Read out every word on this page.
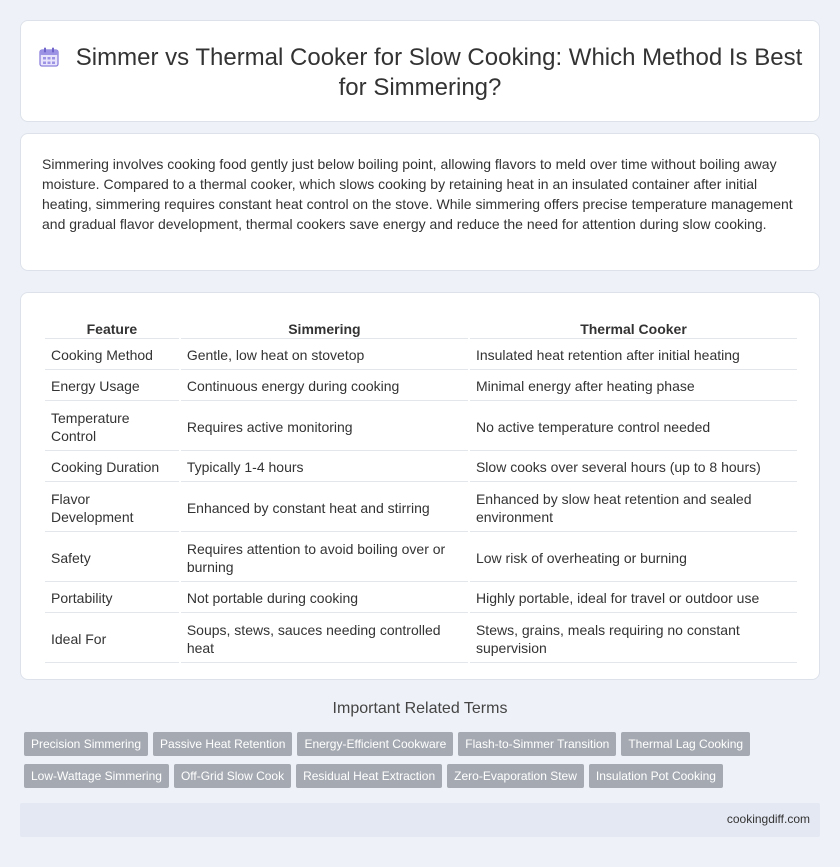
Simmer vs Thermal Cooker for Slow Cooking: Which Method Is Best for Simmering?

Simmering involves cooking food gently just below boiling point, allowing flavors to meld over time without boiling away moisture. Compared to a thermal cooker, which slows cooking by retaining heat in an insulated container after initial heating, simmering requires constant heat control on the stove. While simmering offers precise temperature management and gradual flavor development, thermal cookers save energy and reduce the need for attention during slow cooking.

Feature	Simmering	Thermal Cooker
Cooking Method	Gentle, low heat on stovetop	Insulated heat retention after initial heating
Energy Usage	Continuous energy during cooking	Minimal energy after heating phase
Temperature Control	Requires active monitoring	No active temperature control needed
Cooking Duration	Typically 1-4 hours	Slow cooks over several hours (up to 8 hours)
Flavor Development	Enhanced by constant heat and stirring	Enhanced by slow heat retention and sealed environment
Safety	Requires attention to avoid boiling over or burning	Low risk of overheating or burning
Portability	Not portable during cooking	Highly portable, ideal for travel or outdoor use
Ideal For	Soups, stews, sauces needing controlled heat	Stews, grains, meals requiring no constant supervision
Important Related Terms
Precision Simmering Passive Heat Retention Energy-Efficient Cookware Flash-to-Simmer Transition Thermal Lag Cooking
Low-Wattage Simmering Off-Grid Slow Cook Residual Heat Extraction Zero-Evaporation Stew Insulation Pot Cooking
cookingdiff.com
